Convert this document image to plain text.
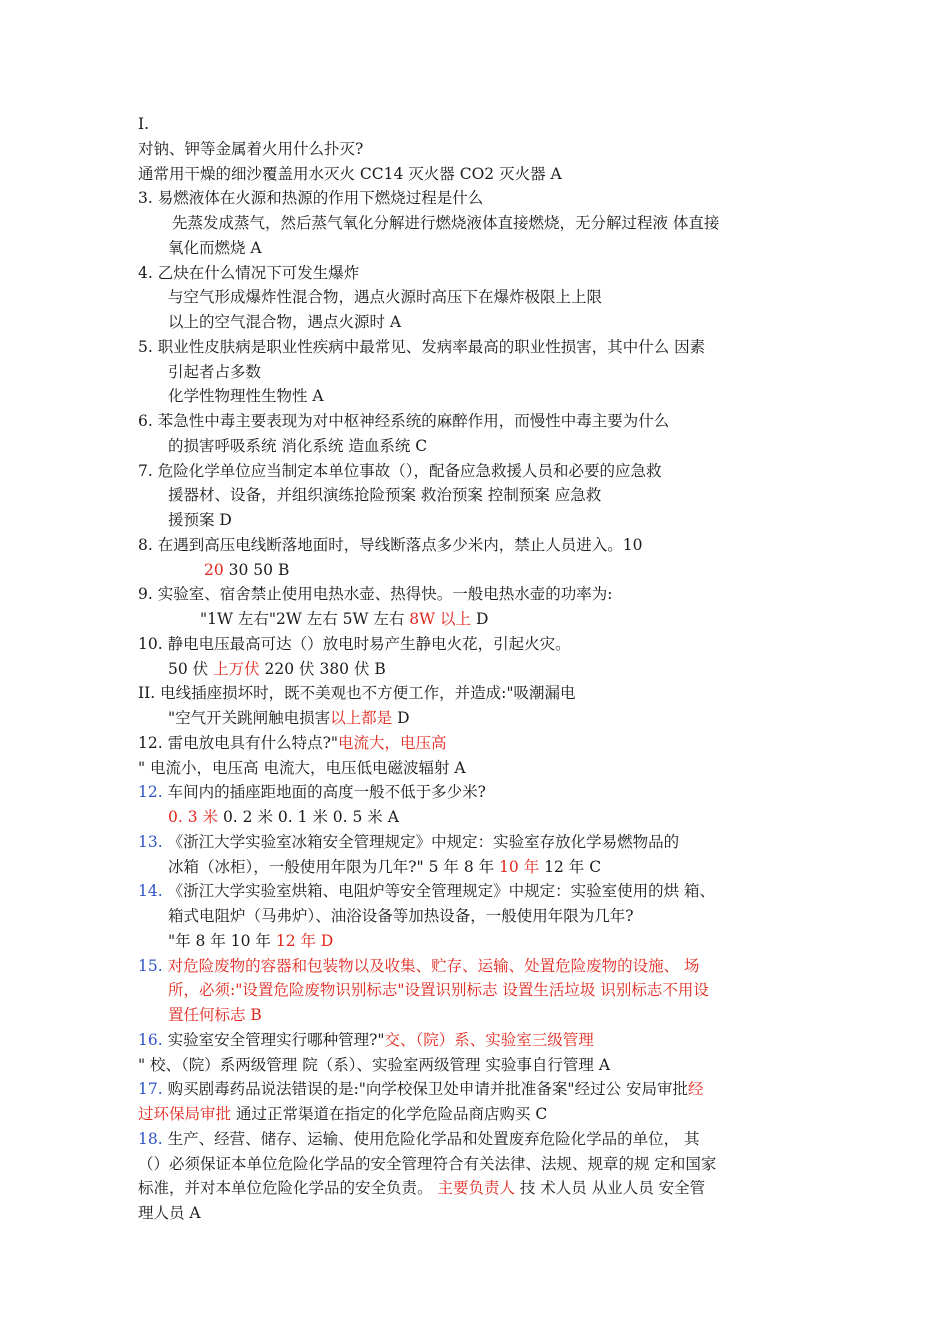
I.
对钠、钾等金属着火用什么扑灭?
通常用干燥的细沙覆盖用水灭火 CC14 灭火器 CO2 灭火器 A
3. 易燃液体在火源和热源的作用下燃烧过程是什么
先蒸发成蒸气，然后蒸气氧化分解进行燃烧液体直接燃烧，无分解过程液 体直接
氧化而燃烧 A
4. 乙炔在什么情况下可发生爆炸
与空气形成爆炸性混合物，遇点火源时高压下在爆炸极限上上限
以上的空气混合物，遇点火源时 A
5. 职业性皮肤病是职业性疾病中最常见、发病率最高的职业性损害，其中什么 因素
引起者占多数
化学性物理性生物性 A
6. 苯急性中毒主要表现为对中枢神经系统的麻醉作用，而慢性中毒主要为什么
的损害呼吸系统 消化系统 造血系统 C
7. 危险化学单位应当制定本单位事故（），配备应急救援人员和必要的应急救
援器材、设备，并组织演练抢险预案 救治预案 控制预案 应急救
援预案 D
8. 在遇到高压电线断落地面时，导线断落点多少米内，禁止人员进入。10
20 30 50 B
9. 实验室、宿舍禁止使用电热水壶、热得快。一般电热水壶的功率为:
"1W 左右"2W 左右 5W 左右 8W 以上 D
10. 静电电压最高可达（）放电时易产生静电火花，引起火灾。
50 伏 上万伏 220 伏 380 伏 B
II. 电线插座损坏时，既不美观也不方便工作，并造成:"吸潮漏电
"空气开关跳闸触电损害以上都是 D
12. 雷电放电具有什么特点?"电流大，电压高
" 电流小，电压高 电流大，电压低电磁波辐射 A
12. 车间内的插座距地面的高度一般不低于多少米?
0. 3 米 0. 2 米 0. 1 米 0. 5 米 A
13. 《浙江大学实验室冰箱安全管理规定》中规定：实验室存放化学易燃物品的
冰箱（冰柜），一般使用年限为几年?" 5 年 8 年 10 年 12 年 C
14. 《浙江大学实验室烘箱、电阻炉等安全管理规定》中规定：实验室使用的烘 箱、
箱式电阻炉（马弗炉）、油浴设备等加热设备，一般使用年限为几年?
"年 8 年 10 年 12 年 D
15. 对危险废物的容器和包装物以及收集、贮存、运输、处置危险废物的设施、 场
所，必须:"设置危险废物识别标志"设置识别标志 设置生活垃圾 识别标志不用设
置任何标志 B
16. 实验室安全管理实行哪种管理?"交、（院）系、实验室三级管理
" 校、（院）系两级管理 院（系）、实验室两级管理 实验事自行管理 A
17. 购买剧毒药品说法错误的是:"向学校保卫处申请并批准备案"经过公 安局审批经
过环保局审批 通过正常渠道在指定的化学危险品商店购买 C
18. 生产、经营、储存、运输、使用危险化学品和处置废弃危险化学品的单位， 其
（）必须保证本单位危险化学品的安全管理符合有关法律、法规、规章的规 定和国家
标准，并对本单位危险化学品的安全负责。 主要负责人 技 术人员 从业人员 安全管
理人员 A
